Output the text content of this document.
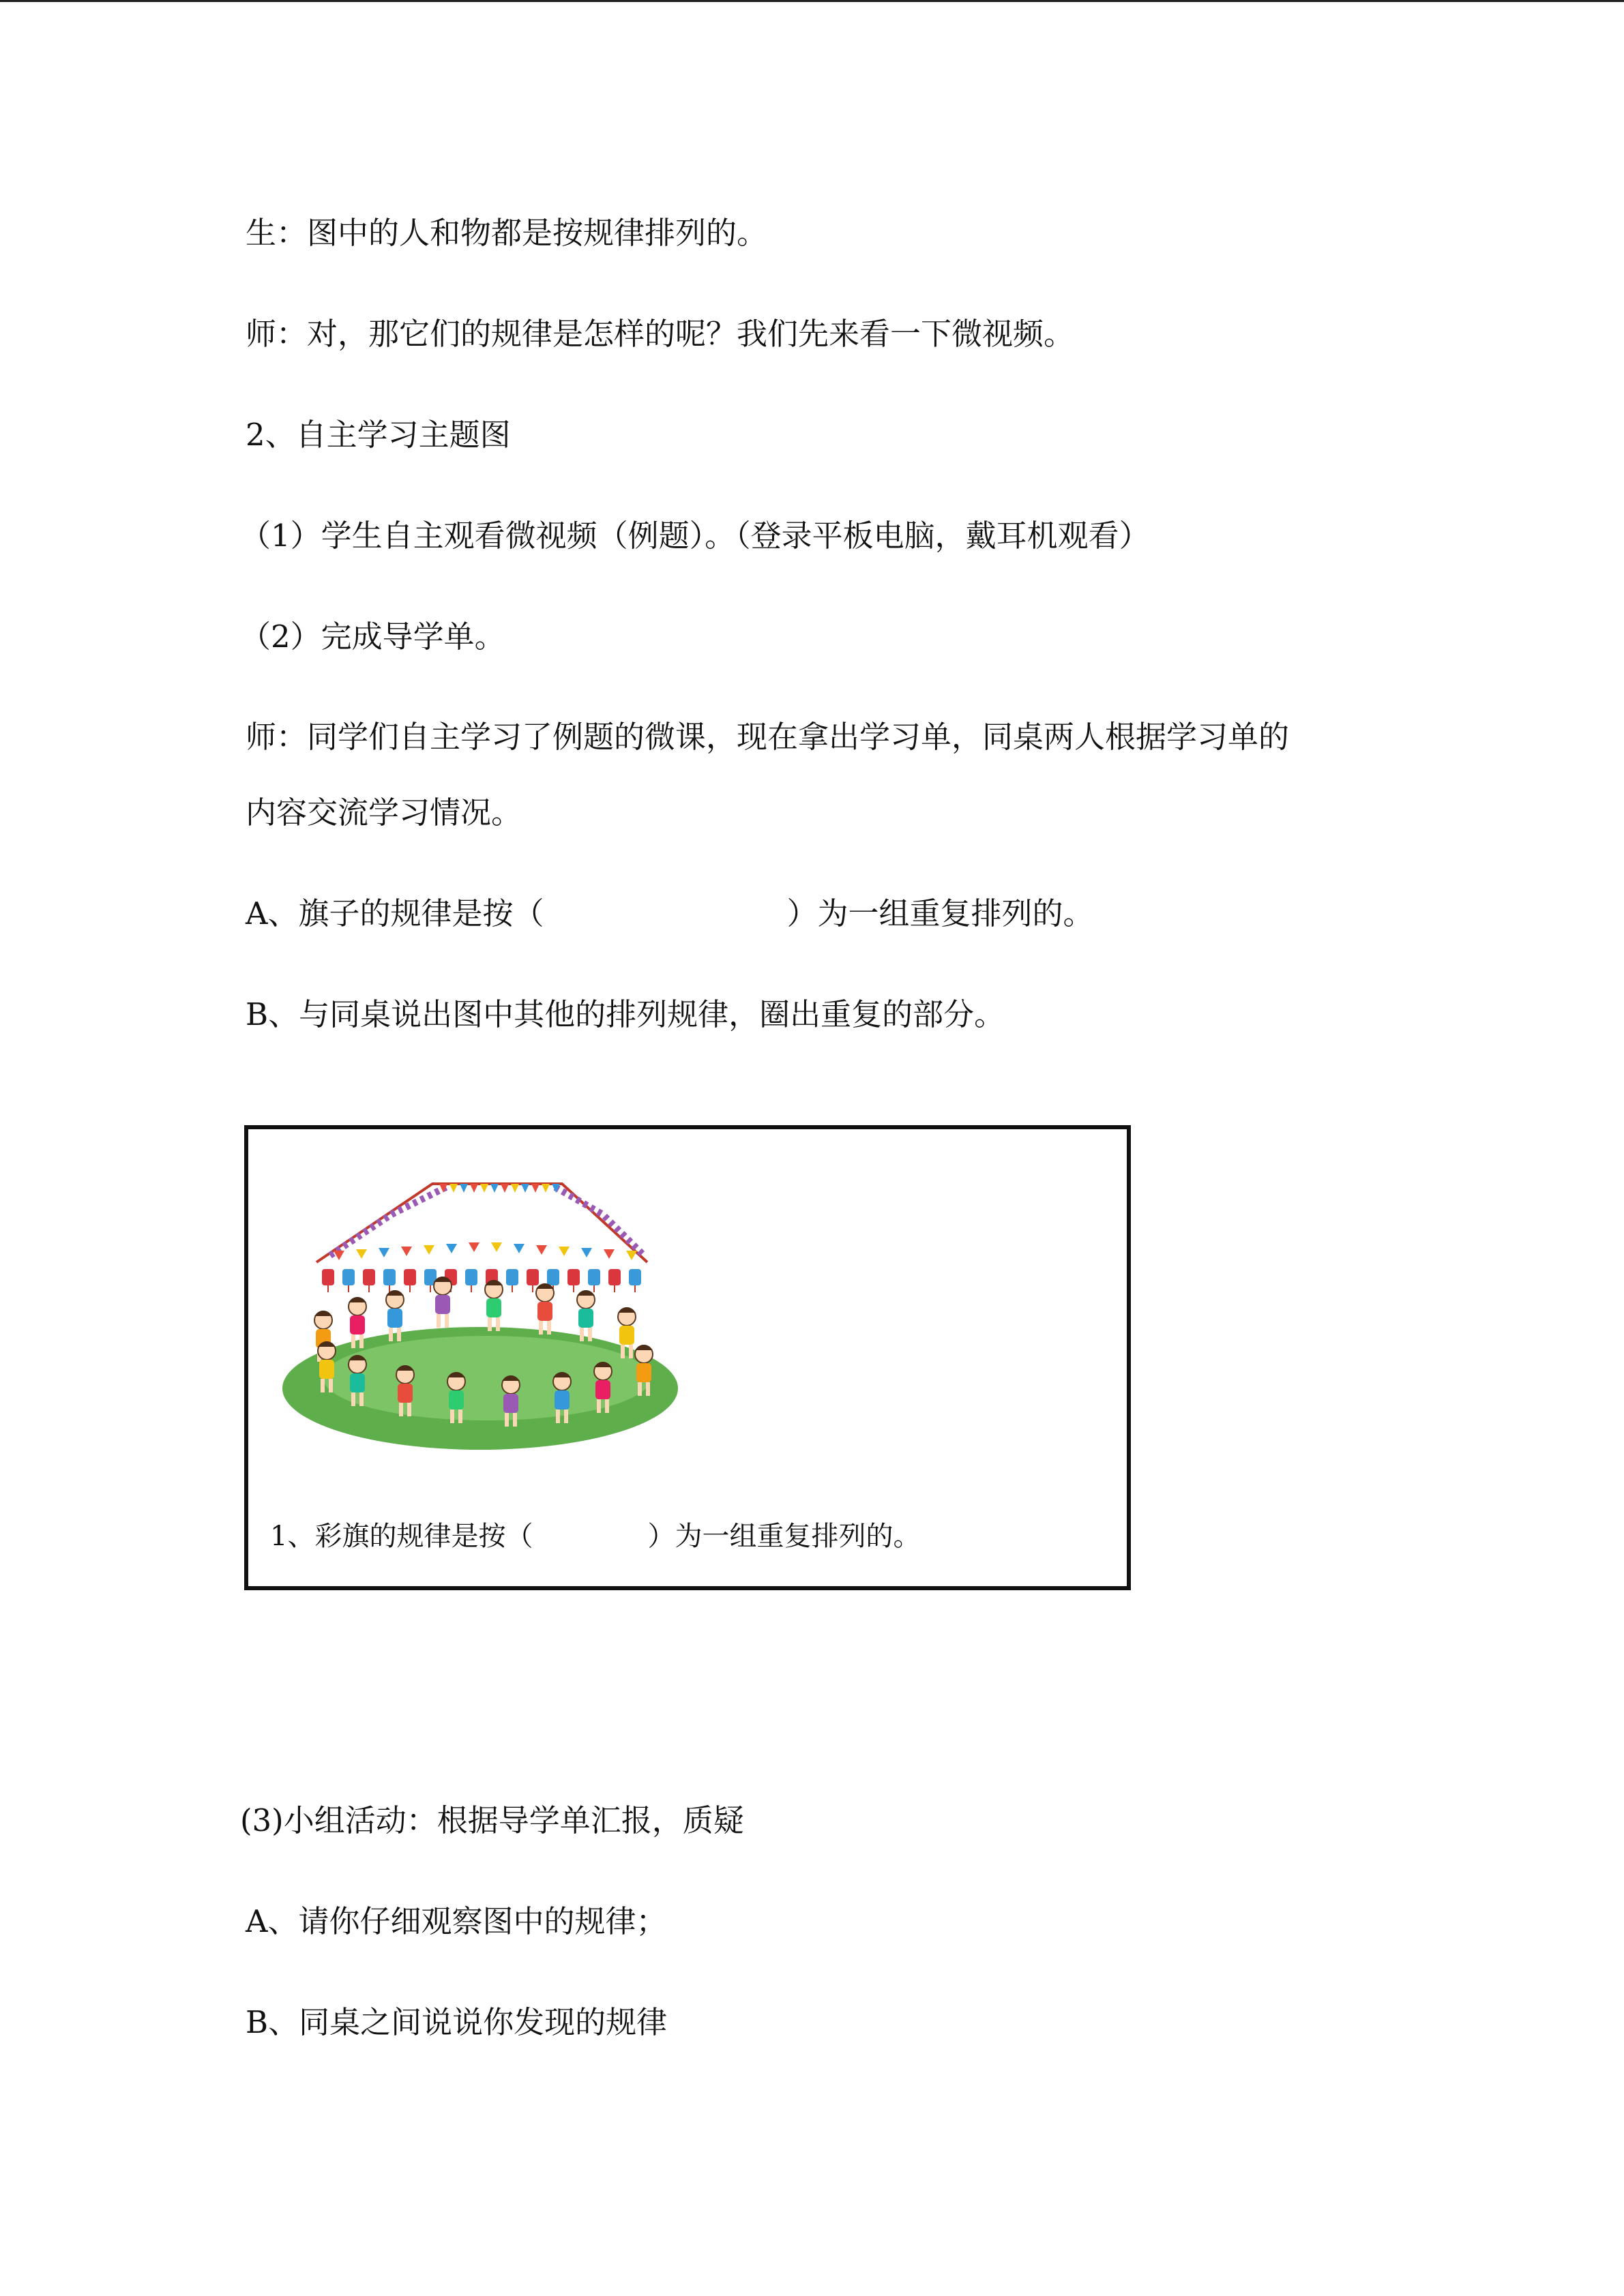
生：图中的人和物都是按规律排列的。

师：对，那它们的规律是怎样的呢？我们先来看一下微视频。

2、自主学习主题图

（1）学生自主观看微视频（例题）。（登录平板电脑，戴耳机观看）

（2）完成导学单。

师：同学们自主学习了例题的微课，现在拿出学习单，同桌两人根据学习单的

内容交流学习情况。

A、旗子的规律是按（	）为一组重复排列的。

B、与同桌说出图中其他的排列规律，圈出重复的部分。

1、彩旗的规律是按（	）为一组重复排列的。

(3)小组活动：根据导学单汇报，质疑

A、请你仔细观察图中的规律；

B、同桌之间说说你发现的规律
